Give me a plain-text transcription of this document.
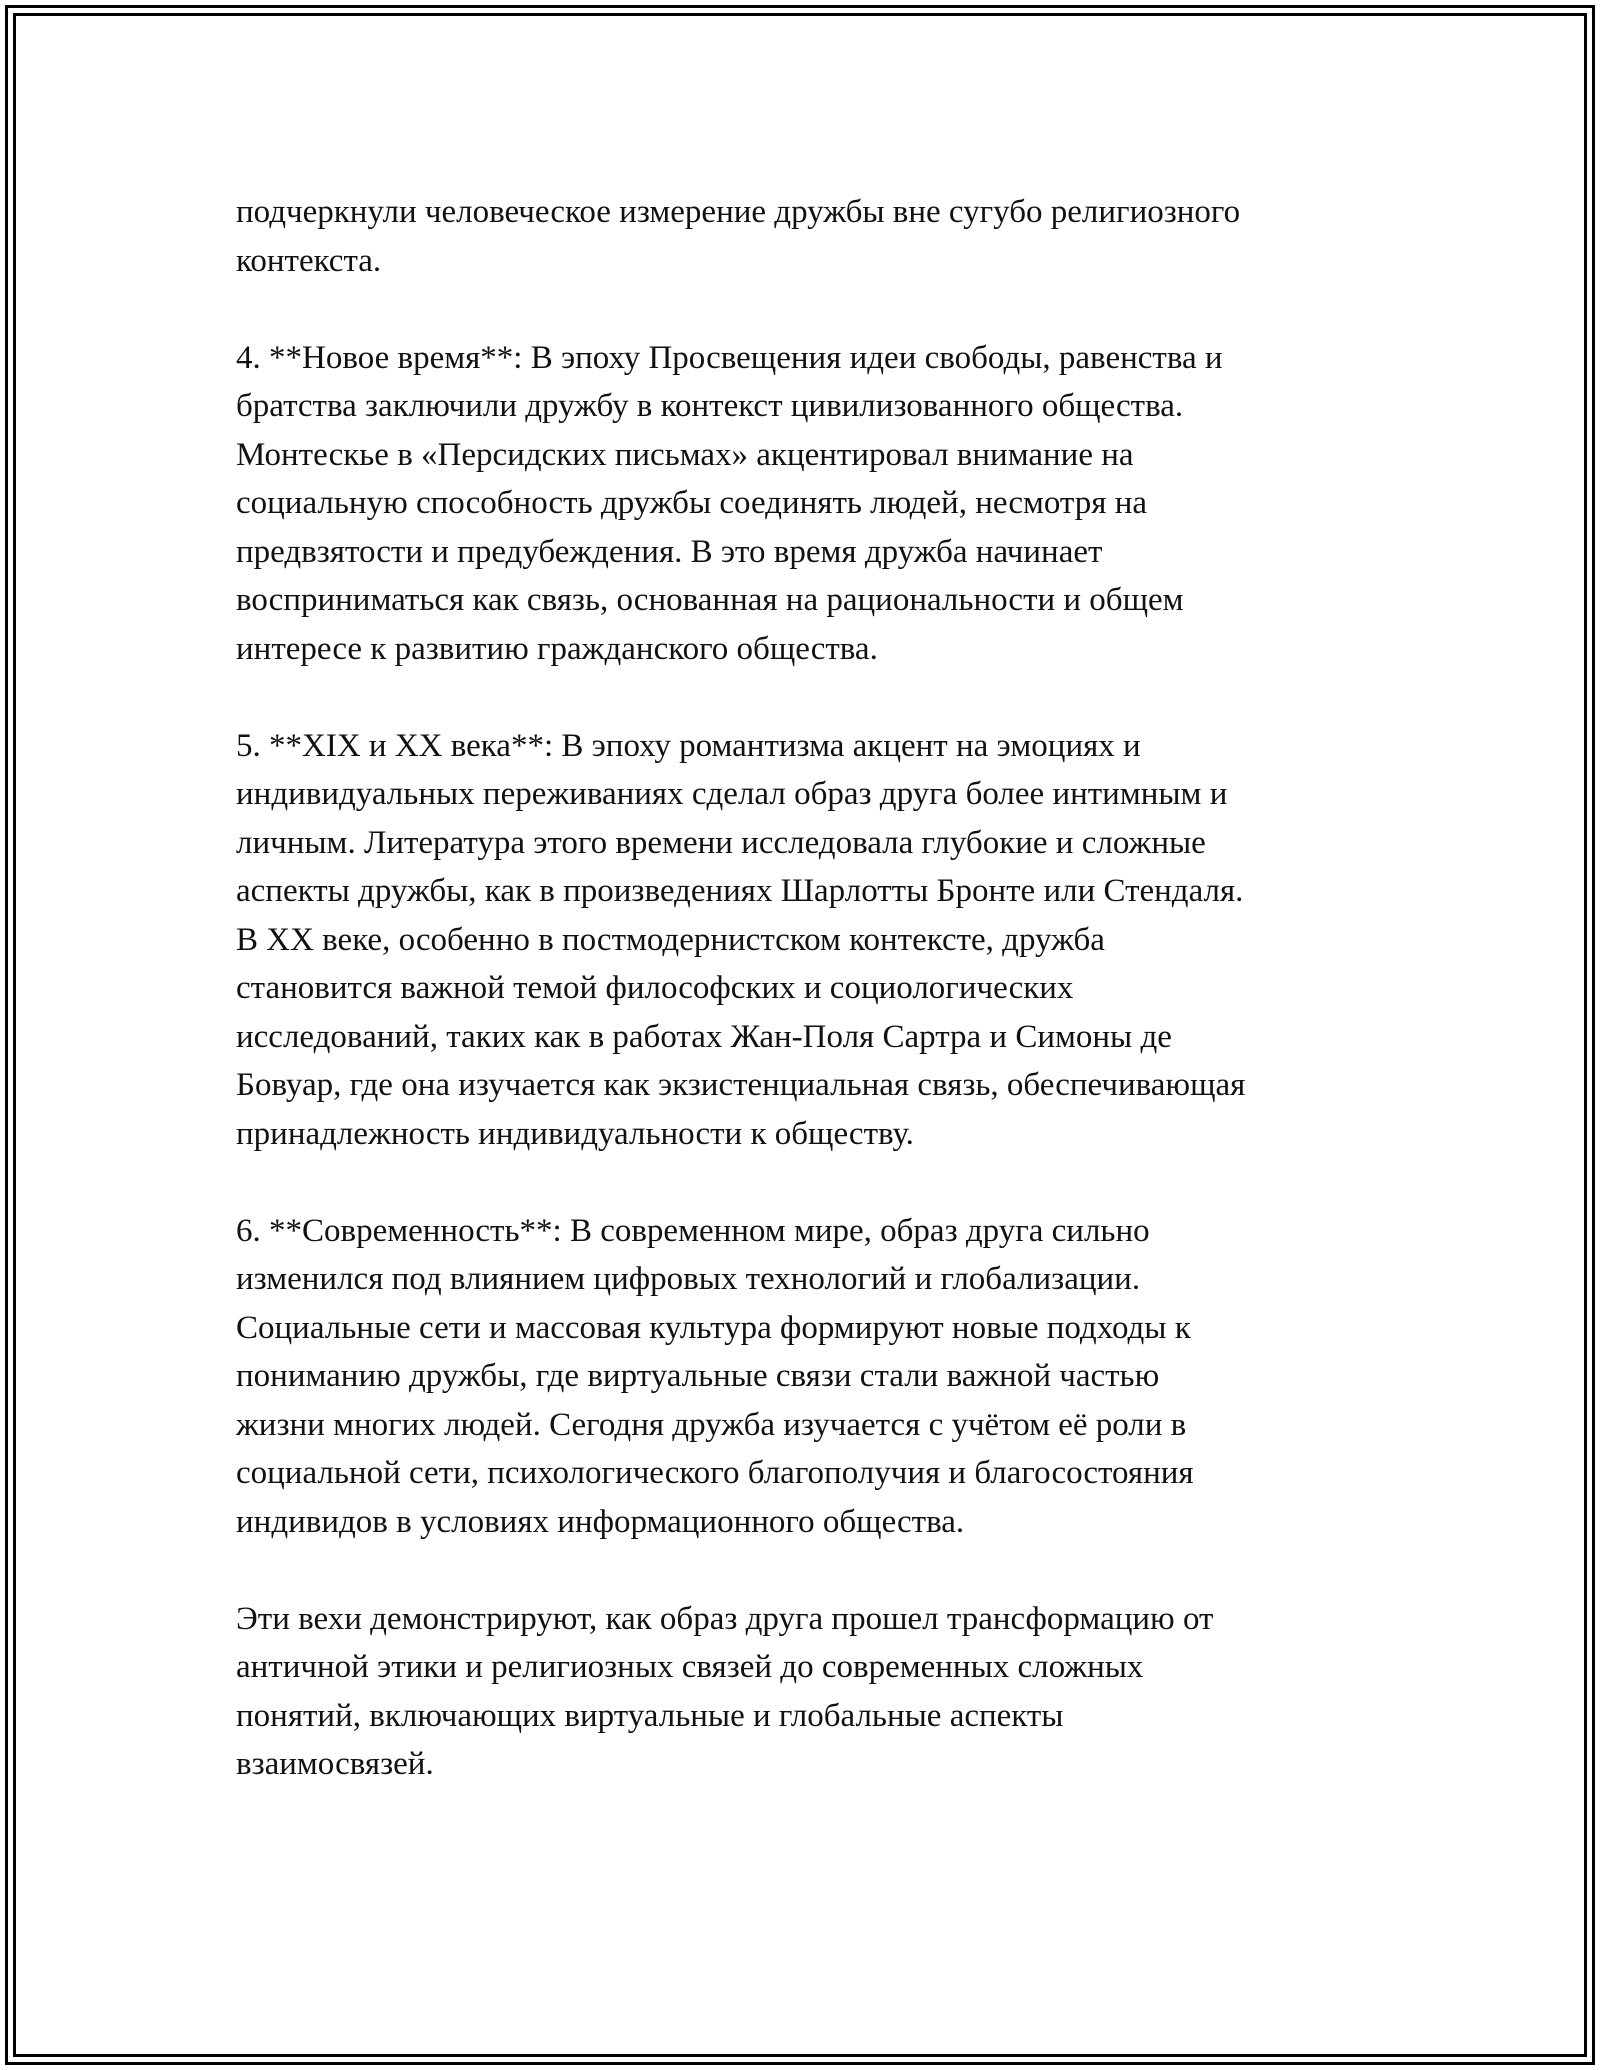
подчеркнули человеческое измерение дружбы вне сугубо религиозного
контекста.

4. **Новое время**: В эпоху Просвещения идеи свободы, равенства и
братства заключили дружбу в контекст цивилизованного общества.
Монтескье в «Персидских письмах» акцентировал внимание на
социальную способность дружбы соединять людей, несмотря на
предвзятости и предубеждения. В это время дружба начинает
восприниматься как связь, основанная на рациональности и общем
интересе к развитию гражданского общества.

5. **XIX и XX века**: В эпоху романтизма акцент на эмоциях и
индивидуальных переживаниях сделал образ друга более интимным и
личным. Литература этого времени исследовала глубокие и сложные
аспекты дружбы, как в произведениях Шарлотты Бронте или Стендаля.
В XX веке, особенно в постмодернистском контексте, дружба
становится важной темой философских и социологических
исследований, таких как в работах Жан-Поля Сартра и Симоны де
Бовуар, где она изучается как экзистенциальная связь, обеспечивающая
принадлежность индивидуальности к обществу.

6. **Современность**: В современном мире, образ друга сильно
изменился под влиянием цифровых технологий и глобализации.
Социальные сети и массовая культура формируют новые подходы к
пониманию дружбы, где виртуальные связи стали важной частью
жизни многих людей. Сегодня дружба изучается с учётом её роли в
социальной сети, психологического благополучия и благосостояния
индивидов в условиях информационного общества.

Эти вехи демонстрируют, как образ друга прошел трансформацию от
античной этики и религиозных связей до современных сложных
понятий, включающих виртуальные и глобальные аспекты
взаимосвязей.
